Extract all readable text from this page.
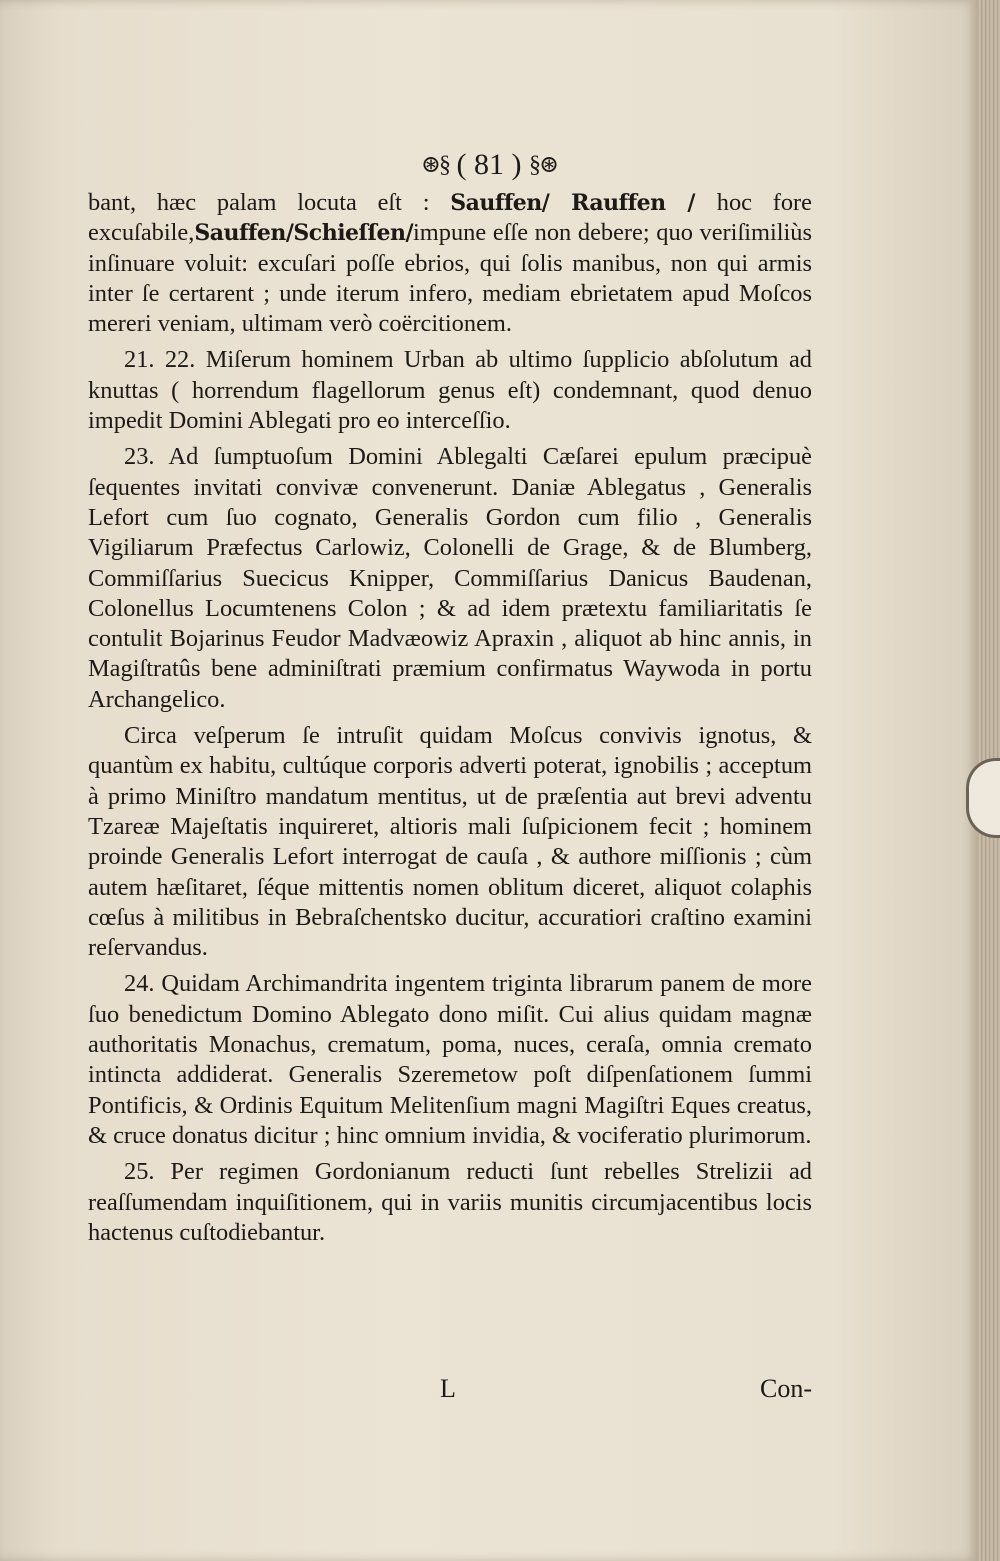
⊛§ ( 81 ) §⊛

bant, hæc palam locuta eſt : Sauffen/ Rauffen / hoc fore excuſabile,Sauffen/Schieſſen/impune eſſe non debere; quo veriſimiliùs inſinuare voluit: excuſari poſſe ebrios, qui ſolis manibus, non qui armis inter ſe certarent ; unde iterum infero, mediam ebrietatem apud Moſcos mereri veniam, ultimam verò coërcitionem.

21. 22. Miſerum hominem Urban ab ultimo ſupplicio abſolutum ad knuttas ( horrendum flagellorum genus eſt) condemnant, quod denuo impedit Domini Ablegati pro eo interceſſio.

23. Ad ſumptuoſum Domini Ablegalti Cæſarei epulum præcipuè ſequentes invitati convivæ convenerunt. Daniæ Ablegatus , Generalis Lefort cum ſuo cognato, Generalis Gordon cum filio , Generalis Vigiliarum Præfectus Carlowiz, Colonelli de Grage, & de Blumberg, Commiſſarius Suecicus Knipper, Commiſſarius Danicus Baudenan, Colonellus Locumtenens Colon ; & ad idem prætextu familiaritatis ſe contulit Bojarinus Feudor Madvæowiz Apraxin , aliquot ab hinc annis, in Magiſtratûs bene adminiſtrati præmium confirmatus Waywoda in portu Archangelico.

Circa veſperum ſe intruſit quidam Moſcus convivis ignotus, & quantùm ex habitu, cultúque corporis adverti poterat, ignobilis ; acceptum à primo Miniſtro mandatum mentitus, ut de præſentia aut brevi adventu Tzareæ Majeſtatis inquireret, altioris mali ſuſpicionem fecit ; hominem proinde Generalis Lefort interrogat de cauſa , & authore miſſionis ; cùm autem hæſitaret, ſéque mittentis nomen oblitum diceret, aliquot colaphis cœſus à militibus in Bebraſchentsko ducitur, accuratiori craſtino examini reſervandus.

24. Quidam Archimandrita ingentem triginta librarum panem de more ſuo benedictum Domino Ablegato dono miſit. Cui alius quidam magnæ authoritatis Monachus, crematum, poma, nuces, ceraſa, omnia cremato intincta addiderat. Generalis Szeremetow poſt diſpenſationem ſummi Pontificis, & Ordinis Equitum Melitenſium magni Magiſtri Eques creatus, & cruce donatus dicitur ; hinc omnium invidia, & vociferatio plurimorum.

25. Per regimen Gordonianum reducti ſunt rebelles Strelizii ad reaſſumendam inquiſitionem, qui in variis munitis circumjacentibus locis hactenus cuſtodiebantur.

L	Con-
